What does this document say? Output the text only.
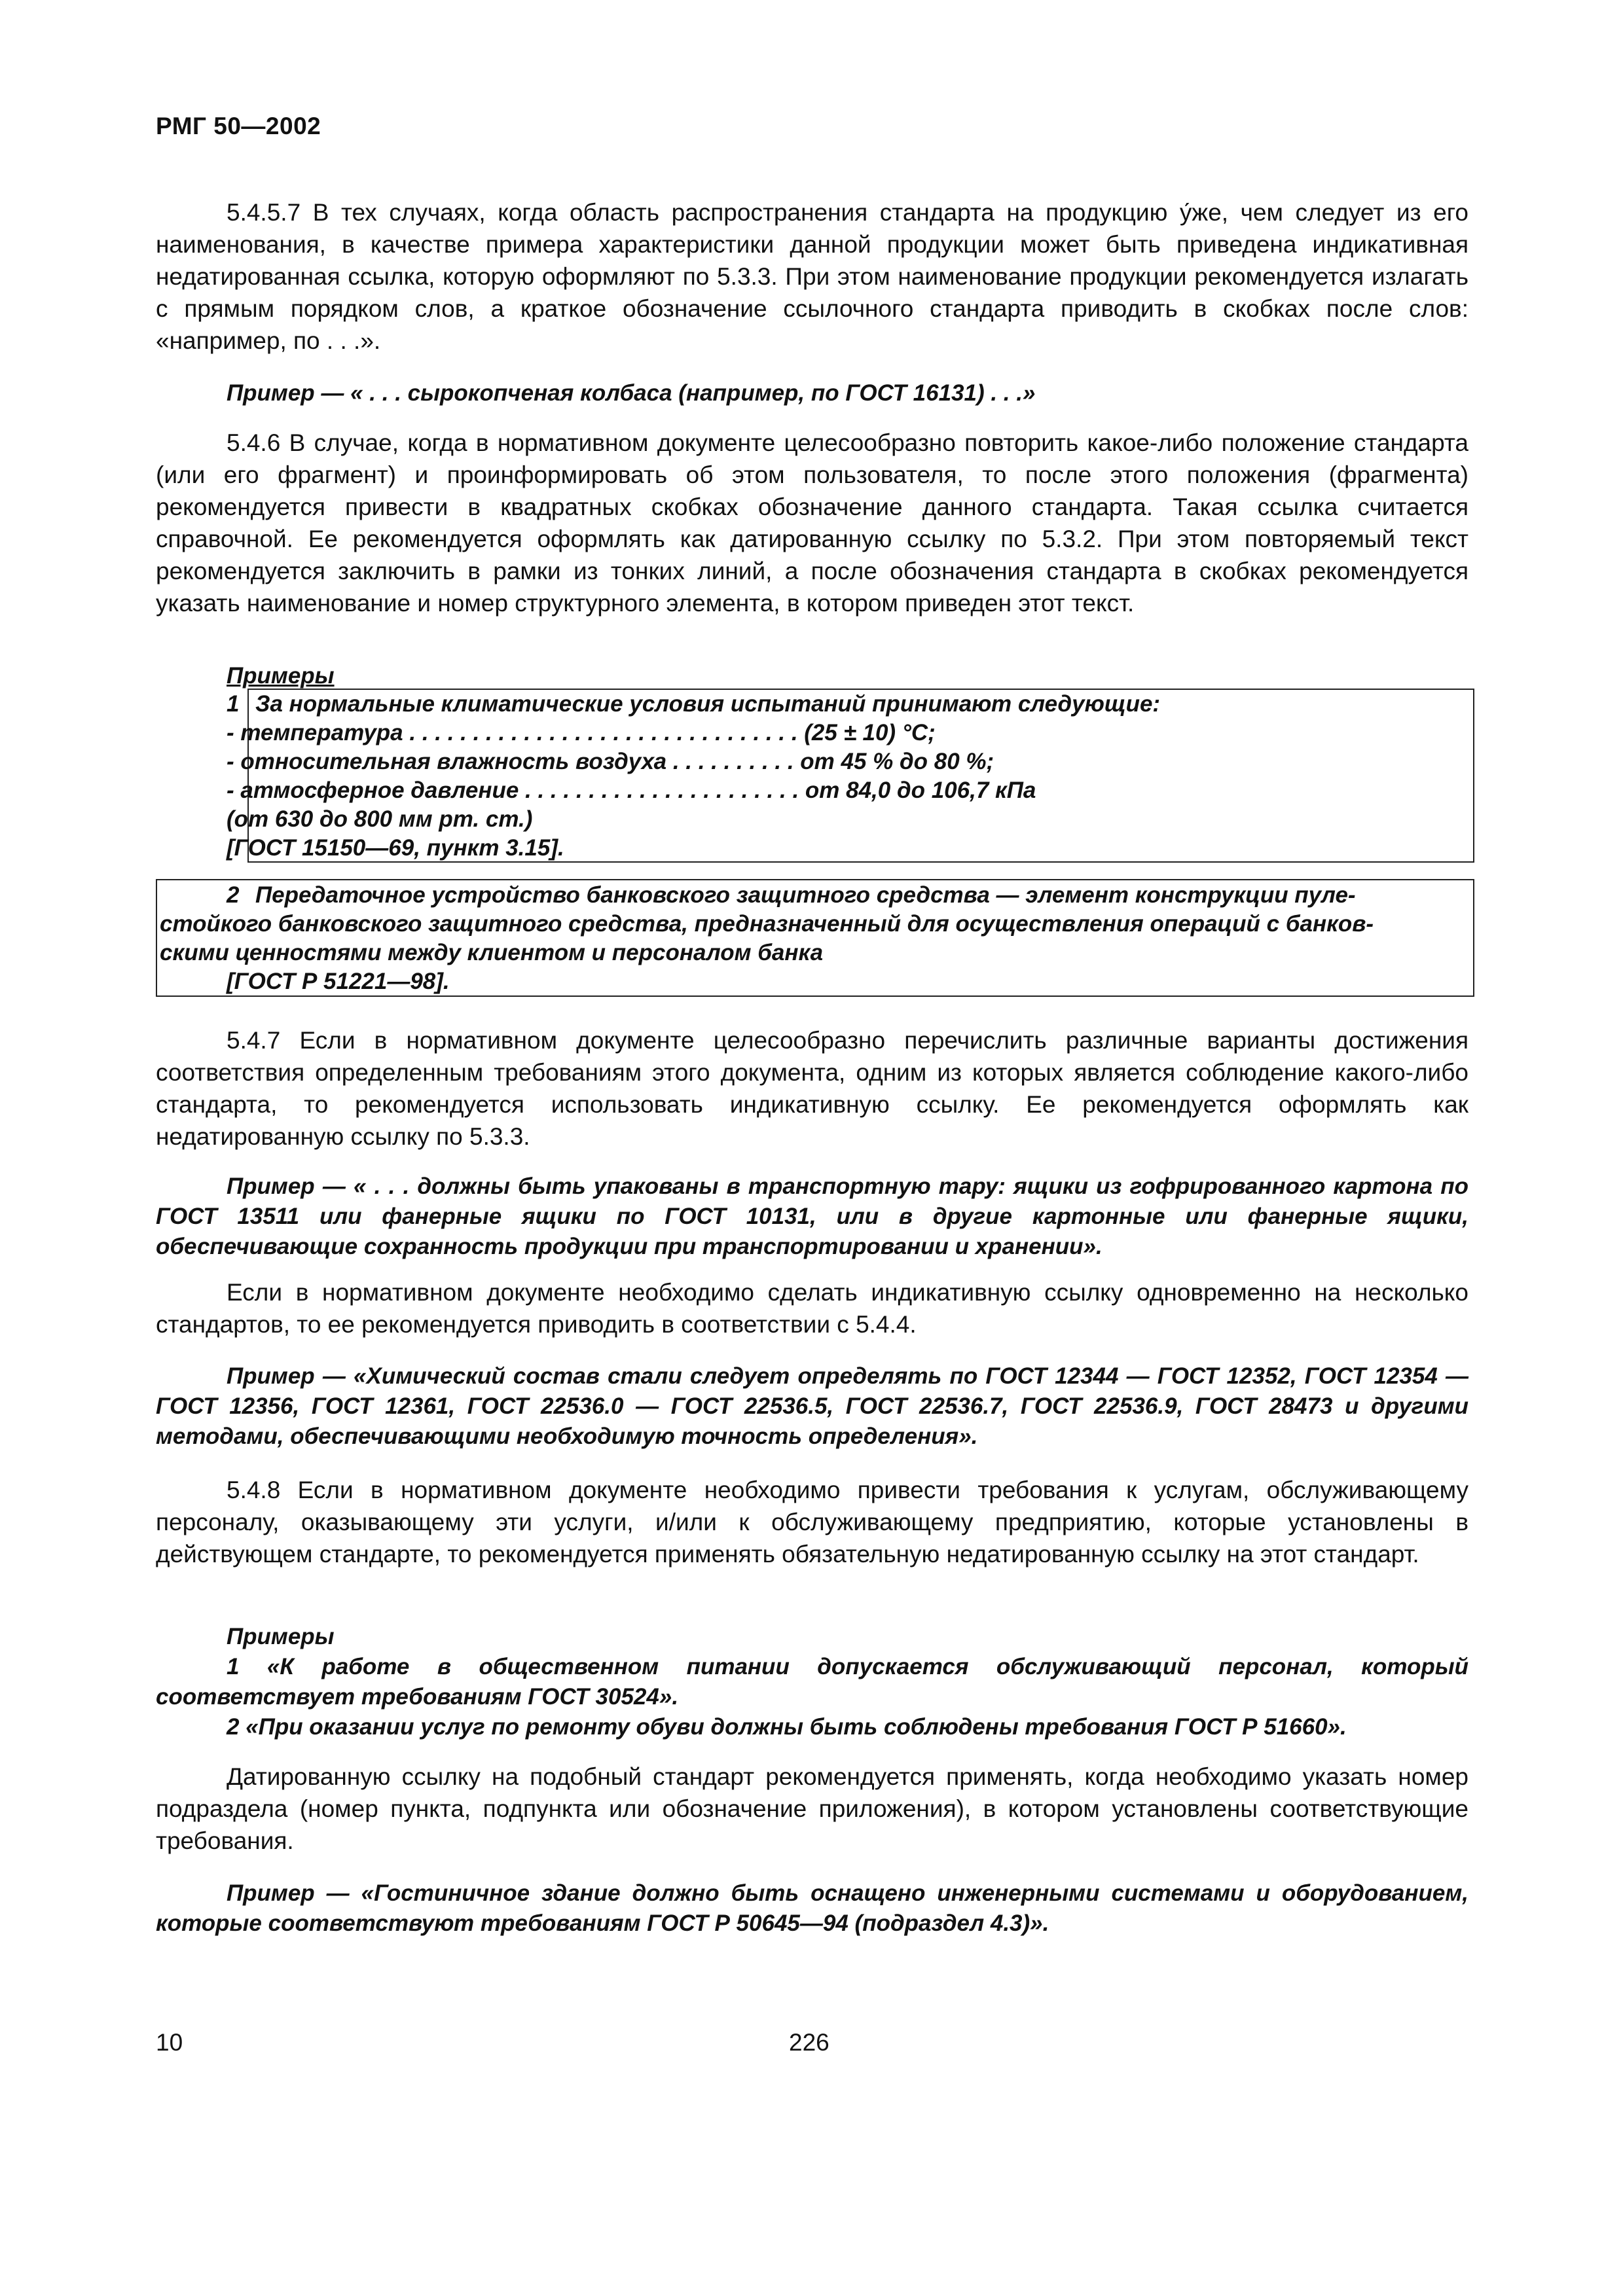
РМГ 50—2002

5.4.5.7 В тех случаях, когда область распространения стандарта на продукцию у́же, чем следует из его наименования, в качестве примера характеристики данной продукции может быть приведена индикативная недатированная ссылка, которую оформляют по 5.3.3. При этом наименование продукции рекомендуется излагать с прямым порядком слов, а краткое обозначение ссылочного стандарта приводить в скобках после слов: «например, по . . .».

Пример — « . . . сырокопченая колбаса (например, по ГОСТ 16131) . . .»

5.4.6 В случае, когда в нормативном документе целесообразно повторить какое-либо положение стандарта (или его фрагмент) и проинформировать об этом пользователя, то после этого положения (фрагмента) рекомендуется привести в квадратных скобках обозначение данного стандарта. Такая ссылка считается справочной. Ее рекомендуется оформлять как датированную ссылку по 5.3.2. При этом повторяемый текст рекомендуется заключить в рамки из тонких линий, а после обозначения стандарта в скобках рекомендуется указать наименование и номер структурного элемента, в котором приведен этот текст.

Примеры

1 За нормальные климатические условия испытаний принимают следующие:
- температура . . . . . . . . . . . . . . . . . . . . . . . . . . . . . . . (25 ± 10) °С;
- относительная влажность воздуха . . . . . . . . . . от 45 % до 80 %;
- атмосферное давление . . . . . . . . . . . . . . . . . . . . . . от 84,0 до 106,7 кПа
(от 630 до 800 мм рт. ст.)
[ГОСТ 15150—69, пункт 3.15].
2 Передаточное устройство банковского защитного средства — элемент конструкции пуле-
стойкого банковского защитного средства, предназначенный для осуществления операций с банков-
скими ценностями между клиентом и персоналом банка
[ГОСТ Р 51221—98].

5.4.7 Если в нормативном документе целесообразно перечислить различные варианты достижения соответствия определенным требованиям этого документа, одним из которых является соблюдение какого-либо стандарта, то рекомендуется использовать индикативную ссылку. Ее рекомендуется оформлять как недатированную ссылку по 5.3.3.

Пример — « . . . должны быть упакованы в транспортную тару: ящики из гофрированного картона по ГОСТ 13511 или фанерные ящики по ГОСТ 10131, или в другие картонные или фанерные ящики, обеспечивающие сохранность продукции при транспортировании и хранении».

Если в нормативном документе необходимо сделать индикативную ссылку одновременно на несколько стандартов, то ее рекомендуется приводить в соответствии с 5.4.4.

Пример — «Химический состав стали следует определять по ГОСТ 12344 — ГОСТ 12352, ГОСТ 12354 — ГОСТ 12356, ГОСТ 12361, ГОСТ 22536.0 — ГОСТ 22536.5, ГОСТ 22536.7, ГОСТ 22536.9, ГОСТ 28473 и другими методами, обеспечивающими необходимую точность определения».

5.4.8 Если в нормативном документе необходимо привести требования к услугам, обслуживающему персоналу, оказывающему эти услуги, и/или к обслуживающему предприятию, которые установлены в действующем стандарте, то рекомендуется применять обязательную недатированную ссылку на этот стандарт.

Примеры

1 «К работе в общественном питании допускается обслуживающий персонал, который соответствует требованиям ГОСТ 30524».

2 «При оказании услуг по ремонту обуви должны быть соблюдены требования ГОСТ Р 51660».

Датированную ссылку на подобный стандарт рекомендуется применять, когда необходимо указать номер подраздела (номер пункта, подпункта или обозначение приложения), в котором установлены соответствующие требования.

Пример — «Гостиничное здание должно быть оснащено инженерными системами и оборудованием, которые соответствуют требованиям ГОСТ Р 50645—94 (подраздел 4.3)».

10	226
